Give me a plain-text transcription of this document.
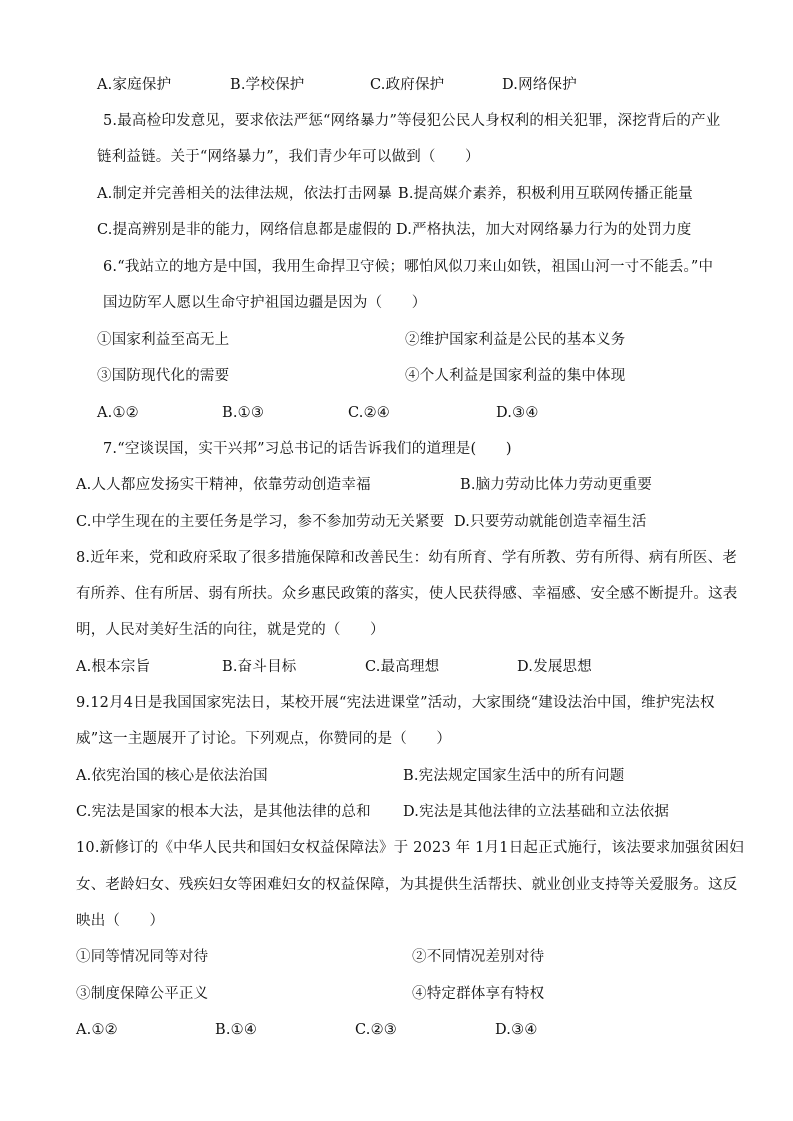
A.家庭保护	B.学校保护	C.政府保护	D.网络保护
5.最高检印发意见，要求依法严惩“网络暴力”等侵犯公民人身权利的相关犯罪，深挖背后的产业
链利益链。关于“网络暴力”，我们青少年可以做到（　　）
A.制定并完善相关的法律法规，依法打击网暴 B.提高媒介素养，积极利用互联网传播正能量
C.提高辨别是非的能力，网络信息都是虚假的 D.严格执法，加大对网络暴力行为的处罚力度
6.“我站立的地方是中国，我用生命捍卫守候；哪怕风似刀来山如铁，祖国山河一寸不能丢。”中
国边防军人愿以生命守护祖国边疆是因为（　　）
①国家利益至高无上	②维护国家利益是公民的基本义务
③国防现代化的需要	④个人利益是国家利益的集中体现
A.①②	B.①③	C.②④	D.③④
7.“空谈误国，实干兴邦”习总书记的话告诉我们的道理是(　　)
A.人人都应发扬实干精神，依靠劳动创造幸福	B.脑力劳动比体力劳动更重要
C.中学生现在的主要任务是学习，参不参加劳动无关紧要 D.只要劳动就能创造幸福生活
8.近年来，党和政府采取了很多措施保障和改善民生：幼有所育、学有所教、劳有所得、病有所医、老
有所养、住有所居、弱有所扶。众乡惠民政策的落实，使人民获得感、幸福感、安全感不断提升。这表
明，人民对美好生活的向往，就是党的（　　）
A.根本宗旨	B.奋斗目标	C.最高理想	D.发展思想
9.12月4日是我国国家宪法日，某校开展“宪法进课堂”活动，大家围绕“建设法治中国，维护宪法权
威”这一主题展开了讨论。下列观点，你赞同的是（　　）
A.依宪治国的核心是依法治国	B.宪法规定国家生活中的所有问题
C.宪法是国家的根本大法，是其他法律的总和 D.宪法是其他法律的立法基础和立法依据
10.新修订的《中华人民共和国妇女权益保障法》于 2023 年 1月1日起正式施行，该法要求加强贫困妇
女、老龄妇女、残疾妇女等困难妇女的权益保障，为其提供生活帮扶、就业创业支持等关爱服务。这反
映出（　　）
①同等情况同等对待	②不同情况差别对待
③制度保障公平正义	④特定群体享有特权
A.①②	B.①④	C.②③	D.③④
